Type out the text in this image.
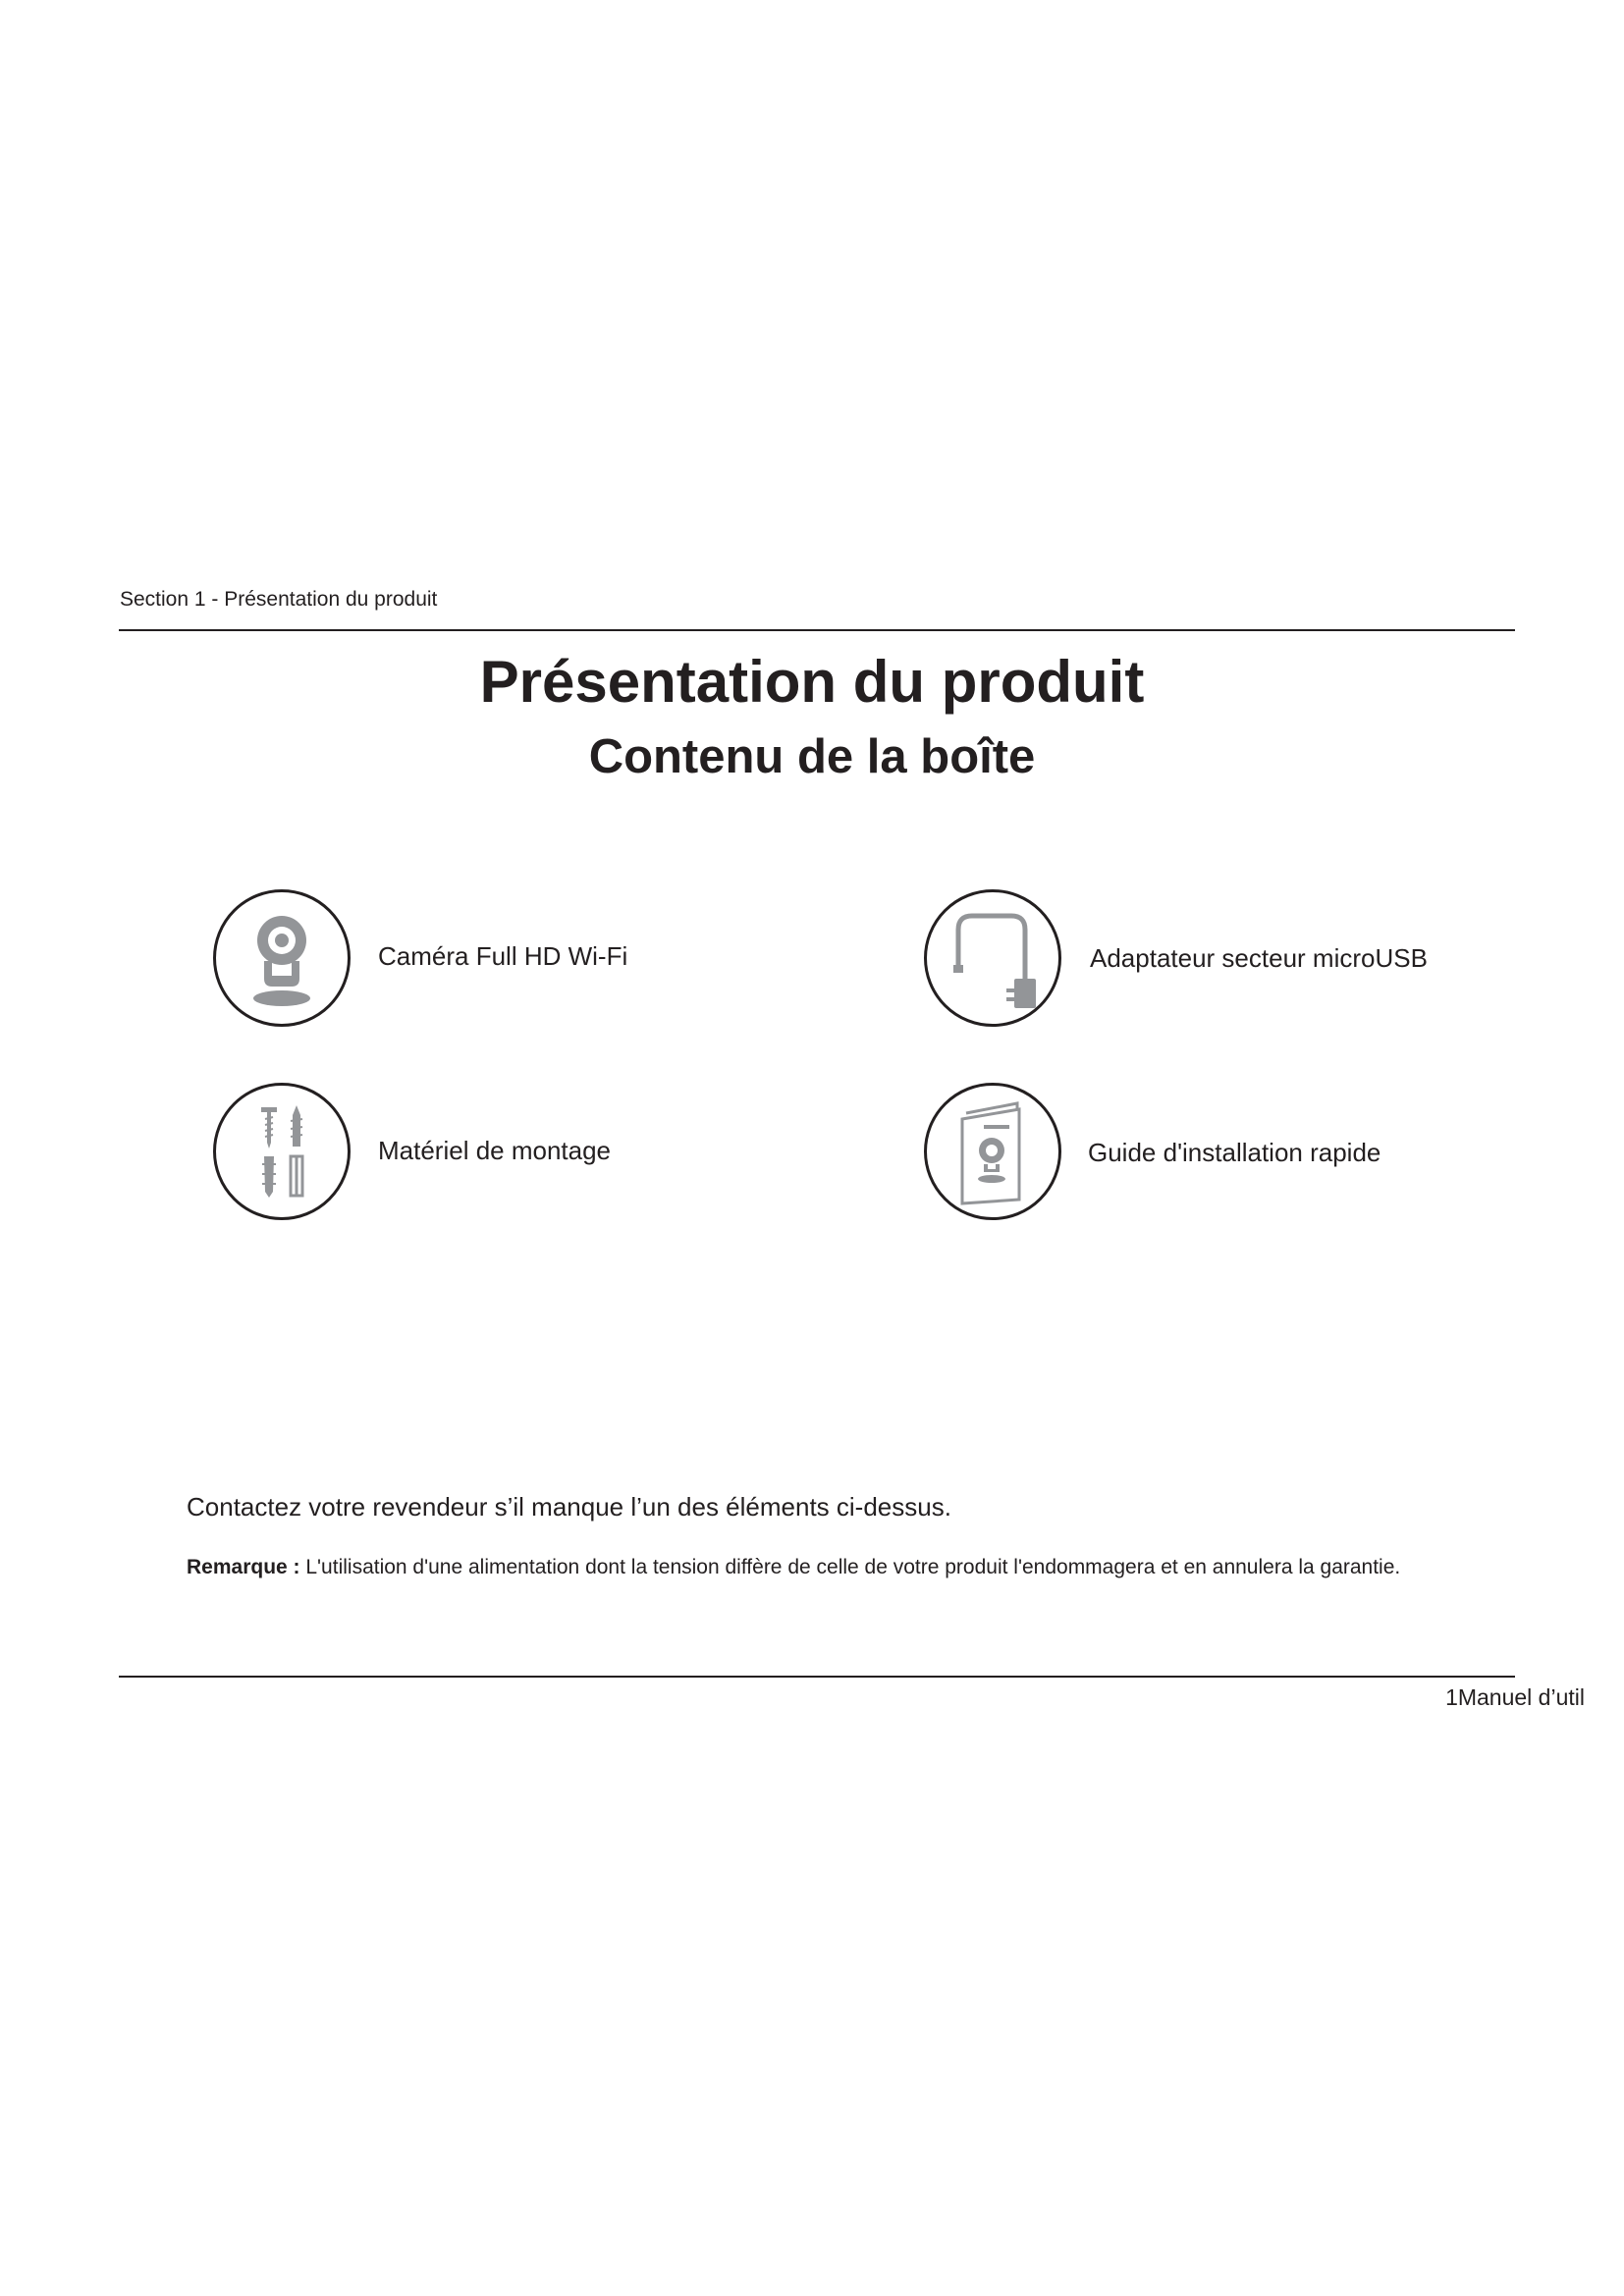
Section 1 - Présentation du produit
Présentation du produit
Contenu de la boîte
Caméra Full HD Wi-Fi	Adaptateur secteur microUSB
Matériel de montage	Guide d'installation rapide
Contactez votre revendeur s’il manque l’un des éléments ci-dessus.
Remarque : L'utilisation d'une alimentation dont la tension diffère de celle de votre produit l'endommagera et en annulera la garantie.
1Manuel d’util
